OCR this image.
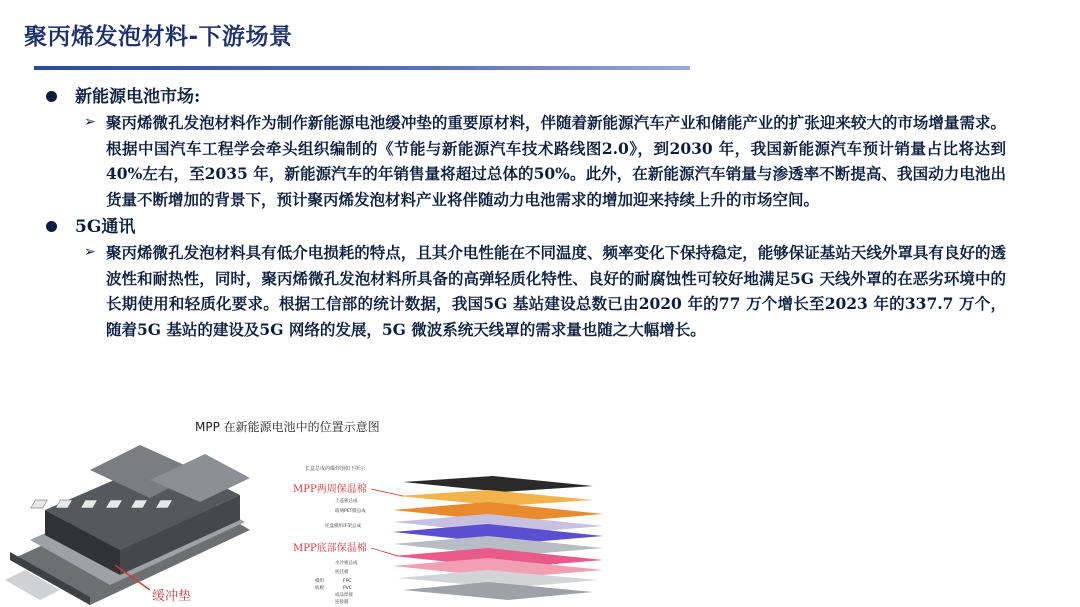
聚丙烯发泡材料-下游场景
新能源电池市场:
➢ 聚丙烯微孔发泡材料作为制作新能源电池缓冲垫的重要原材料，伴随着新能源汽车产业和储能产业的扩张迎来较大的市场增量需求。根据中国汽车工程学会牵头组织编制的《节能与新能源汽车技术路线图2.0》，到2030 年，我国新能源汽车预计销量占比将达到40%左右，至2035 年，新能源汽车的年销售量将超过总体的50%。此外，在新能源汽车销量与渗透率不断提高、我国动力电池出货量不断增加的背景下，预计聚丙烯发泡材料产业将伴随动力电池需求的增加迎来持续上升的市场空间。
5G通讯
➢ 聚丙烯微孔发泡材料具有低介电损耗的特点，且其介电性能在不同温度、频率变化下保持稳定，能够保证基站天线外罩具有良好的透波性和耐热性，同时，聚丙烯微孔发泡材料所具备的高弹轻质化特性、良好的耐腐蚀性可较好地满足5G 天线外罩的在恶劣环境中的长期使用和轻质化要求。根据工信部的统计数据，我国5G 基站建设总数已由2020 年的77 万个增长至2023 年的337.7 万个，随着5G 基站的建设及5G 网络的发展，5G 微波系统天线罩的需求量也随之大幅增长。
MPP 在新能源电池中的位置示意图
缓冲垫
长盒总成的爆炸图如下所示
MPP两周保温棉
MPP底部保温棉
上盖板总成
玻璃PET膜总成
托盘模组环架总成
水冷板总成
底托板
模组	FPC
PVC
底板
成品焊接
连接器
